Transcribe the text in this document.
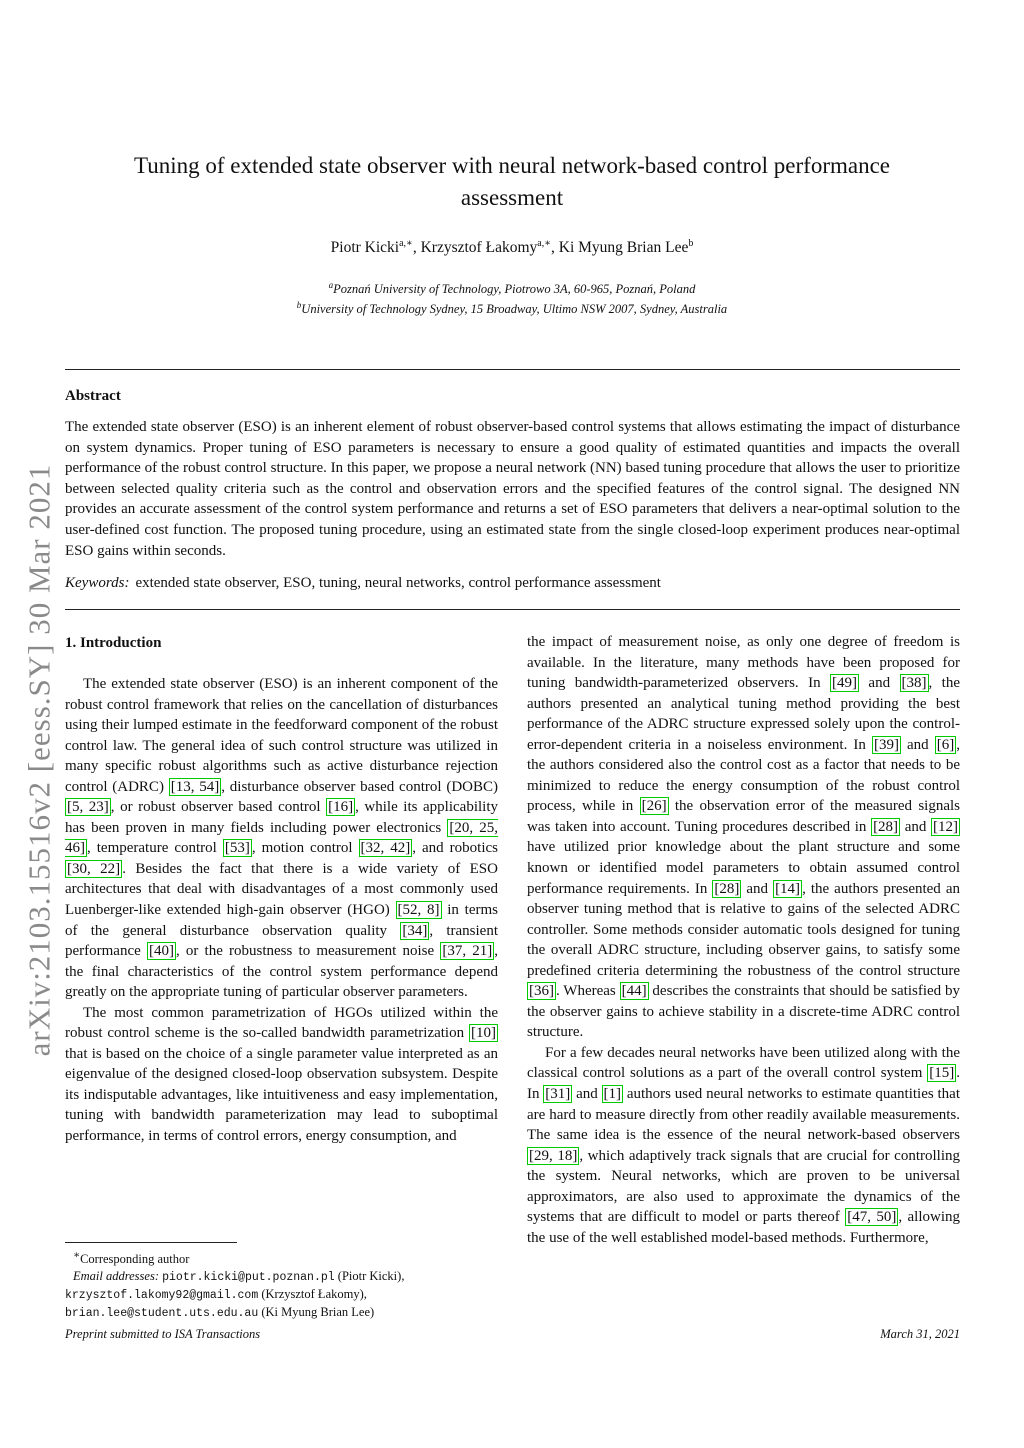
arXiv:2103.15516v2 [eess.SY] 30 Mar 2021
Tuning of extended state observer with neural network-based control performance
assessment
Piotr Kicki$^{a,∗}$, Krzysztof Łakomy$^{a,∗}$, Ki Myung Brian Lee$^b$
$^a$Poznań University of Technology, Piotrowo 3A, 60-965, Poznań, Poland
$^b$University of Technology Sydney, 15 Broadway, Ultimo NSW 2007, Sydney, Australia
Abstract
The extended state observer (ESO) is an inherent element of robust observer-based control systems that allows estimating the impact of disturbance on system dynamics. Proper tuning of ESO parameters is necessary to ensure a good quality of estimated quantities and impacts the overall performance of the robust control structure. In this paper, we propose a neural network (NN) based tuning procedure that allows the user to prioritize between selected quality criteria such as the control and observation errors and the specified features of the control signal. The designed NN provides an accurate assessment of the control system performance and returns a set of ESO parameters that delivers a near-optimal solution to the user-defined cost function. The proposed tuning procedure, using an estimated state from the single closed-loop experiment produces near-optimal ESO gains within seconds.
Keywords: extended state observer, ESO, tuning, neural networks, control performance assessment
1. Introduction

The extended state observer (ESO) is an inherent component of the robust control framework that relies on the cancellation of disturbances using their lumped estimate in the feedforward component of the robust control law. The general idea of such control structure was utilized in many specific robust algorithms such as active disturbance rejection control (ADRC) [13, 54] , disturbance observer based control (DOBC) [5, 23] , or robust observer based control [16] , while its applicability has been proven in many fields including power electronics [20, 25, 46] , temperature control [53] , motion control [32, 42] , and robotics [30, 22] . Besides the fact that there is a wide variety of ESO architectures that deal with disadvantages of a most commonly used Luenberger-like extended high-gain observer (HGO) [52, 8] in terms of the general disturbance observation quality [34] , transient performance [40] , or the robustness to measurement noise [37, 21] , the final characteristics of the control system performance depend greatly on the appropriate tuning of particular observer parameters.

The most common parametrization of HGOs utilized within the robust control scheme is the so-called bandwidth parametrization [10] that is based on the choice of a single parameter value interpreted as an eigenvalue of the designed closed-loop observation subsystem. Despite its indisputable advantages, like intuitiveness and easy implementation, tuning with bandwidth parameterization may lead to suboptimal performance, in terms of control errors, energy consumption, and

the impact of measurement noise, as only one degree of freedom is available. In the literature, many methods have been proposed for tuning bandwidth-parameterized observers. In [49] and [38] , the authors presented an analytical tuning method providing the best performance of the ADRC structure expressed solely upon the control-error-dependent criteria in a noiseless environment. In [39] and [6] , the authors considered also the control cost as a factor that needs to be minimized to reduce the energy consumption of the robust control process, while in [26] the observation error of the measured signals was taken into account. Tuning procedures described in [28] and [12] have utilized prior knowledge about the plant structure and some known or identified model parameters to obtain assumed control performance requirements. In [28] and [14] , the authors presented an observer tuning method that is relative to gains of the selected ADRC controller. Some methods consider automatic tools designed for tuning the overall ADRC structure, including observer gains, to satisfy some predefined criteria determining the robustness of the control structure [36] . Whereas [44] describes the constraints that should be satisfied by the observer gains to achieve stability in a discrete-time ADRC control structure.

For a few decades neural networks have been utilized along with the classical control solutions as a part of the overall control system [15] . In [31] and [1] authors used neural networks to estimate quantities that are hard to measure directly from other readily available measurements. The same idea is the essence of the neural network-based observers [29, 18] , which adaptively track signals that are crucial for controlling the system. Neural networks, which are proven to be universal approximators, are also used to approximate the dynamics of the systems that are difficult to model or parts thereof [47, 50] , allowing the use of the well established model-based methods. Furthermore,

∗Corresponding author
Email addresses: piotr.kicki@put.poznan.pl (Piotr Kicki),
krzysztof.lakomy92@gmail.com (Krzysztof Łakomy),
brian.lee@student.uts.edu.au (Ki Myung Brian Lee)
Preprint submitted to ISA Transactions	March 31, 2021
